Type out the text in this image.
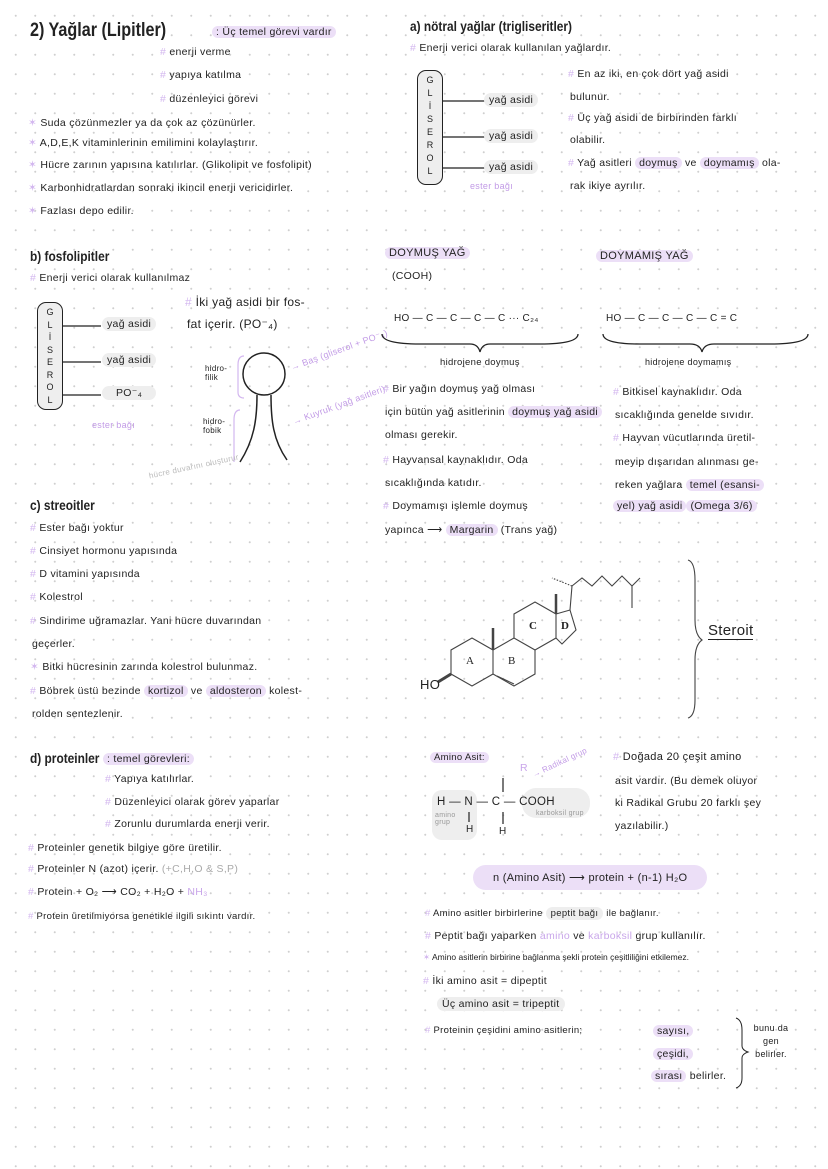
2) Yağlar (Lipitler)	: Üç temel görevi vardır
# enerji verme
# yapıya katılma
# düzenleyici görevi
✶ Suda çözünmezler ya da çok az çözünürler.
✶ A,D,E,K vitaminlerinin emilimini kolaylaştırır.
✶ Hücre zarının yapısına katılırlar. (Glikolipit ve fosfolipit)
✶ Karbonhidratlardan sonraki ikincil enerji vericidirler.
✶ Fazlası depo edilir.
a) nötral yağlar (trigliseritler)
# Enerji verici olarak kullanılan yağlardır.
G
L
İ
S
E
R
O
L
yağ asidi
yağ asidi
yağ asidi
ester bağı
# En az iki, en çok dört yağ asidi
bulunur.
# Üç yağ asidi de birbirinden farklı
olabilir.
# Yağ asitleri doymuş ve doymamış ola-
rak ikiye ayrılır.
b) fosfolipitler
# Enerji verici olarak kullanılmaz
G
L
İ
S
E
R
O
L
yağ asidi
yağ asidi
PO⁻₄
ester bağı
# İki yağ asidi bir fos-
fat içerir. (PO⁻₄)
hidro-filik
hidro-fobik
→ Baş (gliserol + PO⁻₄)
→ Kuyruk (yağ asitleri)
hücre duvarını oluşturur
DOYMUŞ YAĞ
(COOH)
HO — C — C — C — C ··· C₂₄
hidrojene doymuş
# Bir yağın doymuş yağ olması
için bütün yağ asitlerinin doymuş yağ asidi
olması gerekir.
# Hayvansal kaynaklıdır. Oda
sıcaklığında katıdır.
# Doymamışı işlemle doymuş
yapınca ⟶ Margarin (Trans yağ)
DOYMAMIŞ YAĞ
HO — C — C — C — C = C
hidrojene doymamış
# Bitkisel kaynaklıdır. Oda
sıcaklığında genelde sıvıdır.
# Hayvan vücutlarında üretil-
meyip dışarıdan alınması ge-
reken yağlara temel (esansi-
yel) yağ asidi (Omega 3/6)
c) streoitler
# Ester bağı yoktur
# Cinsiyet hormonu yapısında
# D vitamini yapısında
# Kolestrol
# Sindirime uğramazlar. Yani hücre duvarından
geçerler.
✶ Bitki hücresinin zarında kolestrol bulunmaz.
# Böbrek üstü bezinde kortizol ve aldosteron kolest-
rolden sentezlenir.
HO
A	B
C D	Steroit
d) proteinler : temel görevleri:
# Yapıya katılırlar.
# Düzenleyici olarak görev yaparlar
# Zorunlu durumlarda enerji verir.
# Proteinler genetik bilgiye göre üretilir.
# Proteinler N (azot) içerir. (+C,H,O & S,P)
# Protein + O₂ ⟶ CO₂ + H₂O + NH₃
# Protein üretilmiyorsa genetikle ilgili sıkıntı vardır.
Amino Asit:
R → Radikal grup
H — N — C — COOH
H	H
amino grup
karboksil grup
# Doğada 20 çeşit amino
asit vardır. (Bu demek oluyor
ki Radikal Grubu 20 farklı şey
yazılabilir.)
n (Amino Asit) ⟶ protein + (n-1) H₂O
# Amino asitler birbirlerine peptit bağı ile bağlanır.
# Peptit bağı yaparken amino ve karboksil grup kullanılır.
✶ Amino asitlerin birbirine bağlanma şekli protein çeşitliliğini etkilemez.
# İki amino asit = dipeptit
Üç amino asit = tripeptit
# Proteinin çeşidini amino asitlerin;	sayısı,
çeşidi,
sırası belirler.
bunu da gen belirler.
